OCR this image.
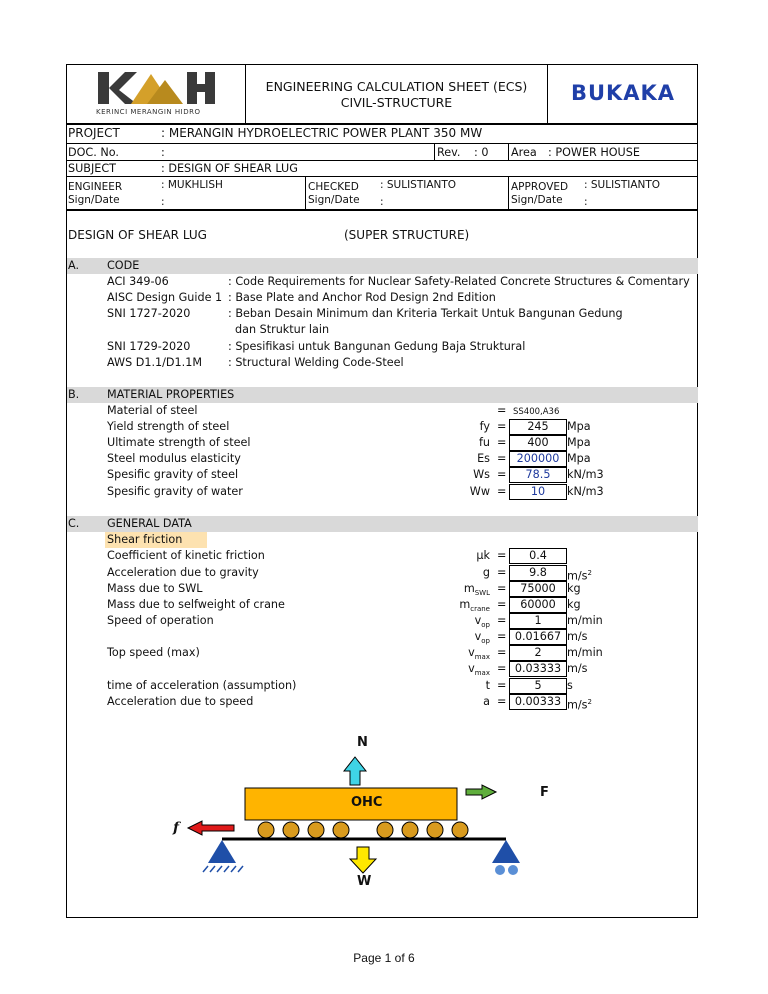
KERINCI MERANGIN HIDRO
ENGINEERING CALCULATION SHEET (ECS)
CIVIL-STRUCTURE	BUKAKA
PROJECT	: MERANGIN HYDROELECTRIC POWER PLANT 350 MW
DOC. No.	:	Rev. : 0 Area : POWER HOUSE
SUBJECT	: DESIGN OF SHEAR LUG
ENGINEER	: MUKHLISH
Sign/Date	:
CHECKED : SULISTIANTO
Sign/Date :
APPROVED : SULISTIANTO
Sign/Date :
DESIGN OF SHEAR LUG	(SUPER STRUCTURE)
A. CODE
ACI 349-06	: Code Requirements for Nuclear Safety-Related Concrete Structures & Comentary
AISC Design Guide 1 : Base Plate and Anchor Rod Design 2nd Edition
SNI 1727-2020	: Beban Desain Minimum dan Kriteria Terkait Untuk Bangunan Gedung
dan Struktur lain
SNI 1729-2020	: Spesifikasi untuk Bangunan Gedung Baja Struktural
AWS D1.1/D1.1M : Structural Welding Code-Steel
B. MATERIAL PROPERTIES
Material of steel	= SS400,A36
Yield strength of steel	fy =	245	Mpa
Ultimate strength of steel	fu =	400	Mpa
Steel modulus elasticity	Es = 200000 Mpa
Spesific gravity of steel	Ws =	78.5	kN/m3
Spesific gravity of water	Ww =	10	kN/m3
C. GENERAL DATA
Shear friction
Coefficient of kinetic friction	μk =	0.4
Acceleration due to gravity	g =	9.8	$m/s^2$
Mass due to SWL	$m_{SWL}$ =	75000	kg
Mass due to selfweight of crane	$m_{crane}$ =	60000	kg
Speed of operation	$v_{op}$ =	1	m/min
$v_{op} = 0.01667$ m/s
Top speed (max)	$v_{max}$ =	2	m/min
$v_{max} = 0.03333$ m/s
time of acceleration (assumption)	t =	5	s
Acceleration due to speed	a = 0.00333 $m/s^2$
N
F
OHC
f
W
Page 1 of 6
